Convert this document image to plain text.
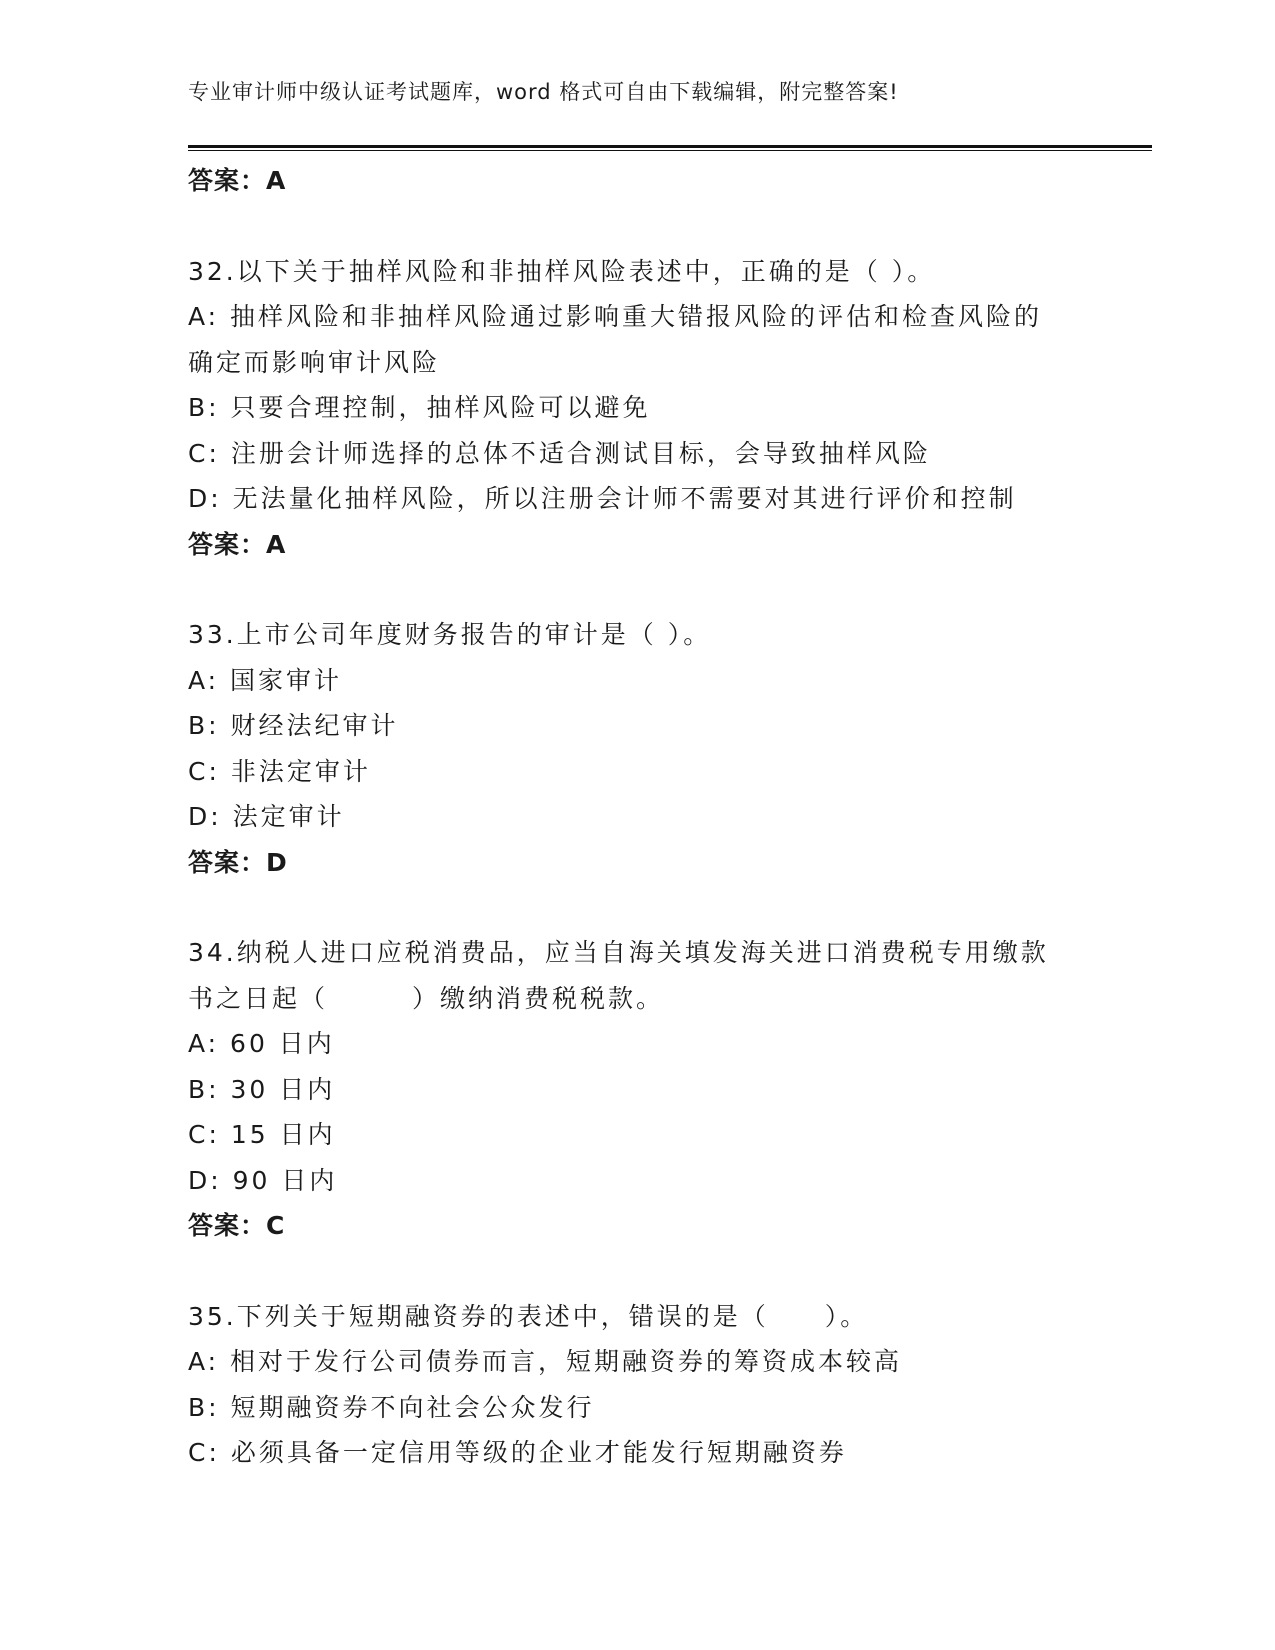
专业审计师中级认证考试题库，word 格式可自由下载编辑，附完整答案!
答案：A
32.以下关于抽样风险和非抽样风险表述中，正确的是（ ）。
A: 抽样风险和非抽样风险通过影响重大错报风险的评估和检查风险的
确定而影响审计风险
B: 只要合理控制，抽样风险可以避免
C: 注册会计师选择的总体不适合测试目标，会导致抽样风险
D: 无法量化抽样风险，所以注册会计师不需要对其进行评价和控制
答案：A
33.上市公司年度财务报告的审计是（ ）。
A: 国家审计
B: 财经法纪审计
C: 非法定审计
D: 法定审计
答案：D
34.纳税人进口应税消费品，应当自海关填发海关进口消费税专用缴款
书之日起（　　　）缴纳消费税税款。
A: 60 日内
B: 30 日内
C: 15 日内
D: 90 日内
答案：C
35.下列关于短期融资券的表述中，错误的是（　　）。
A: 相对于发行公司债券而言，短期融资券的筹资成本较高
B: 短期融资券不向社会公众发行
C: 必须具备一定信用等级的企业才能发行短期融资券
